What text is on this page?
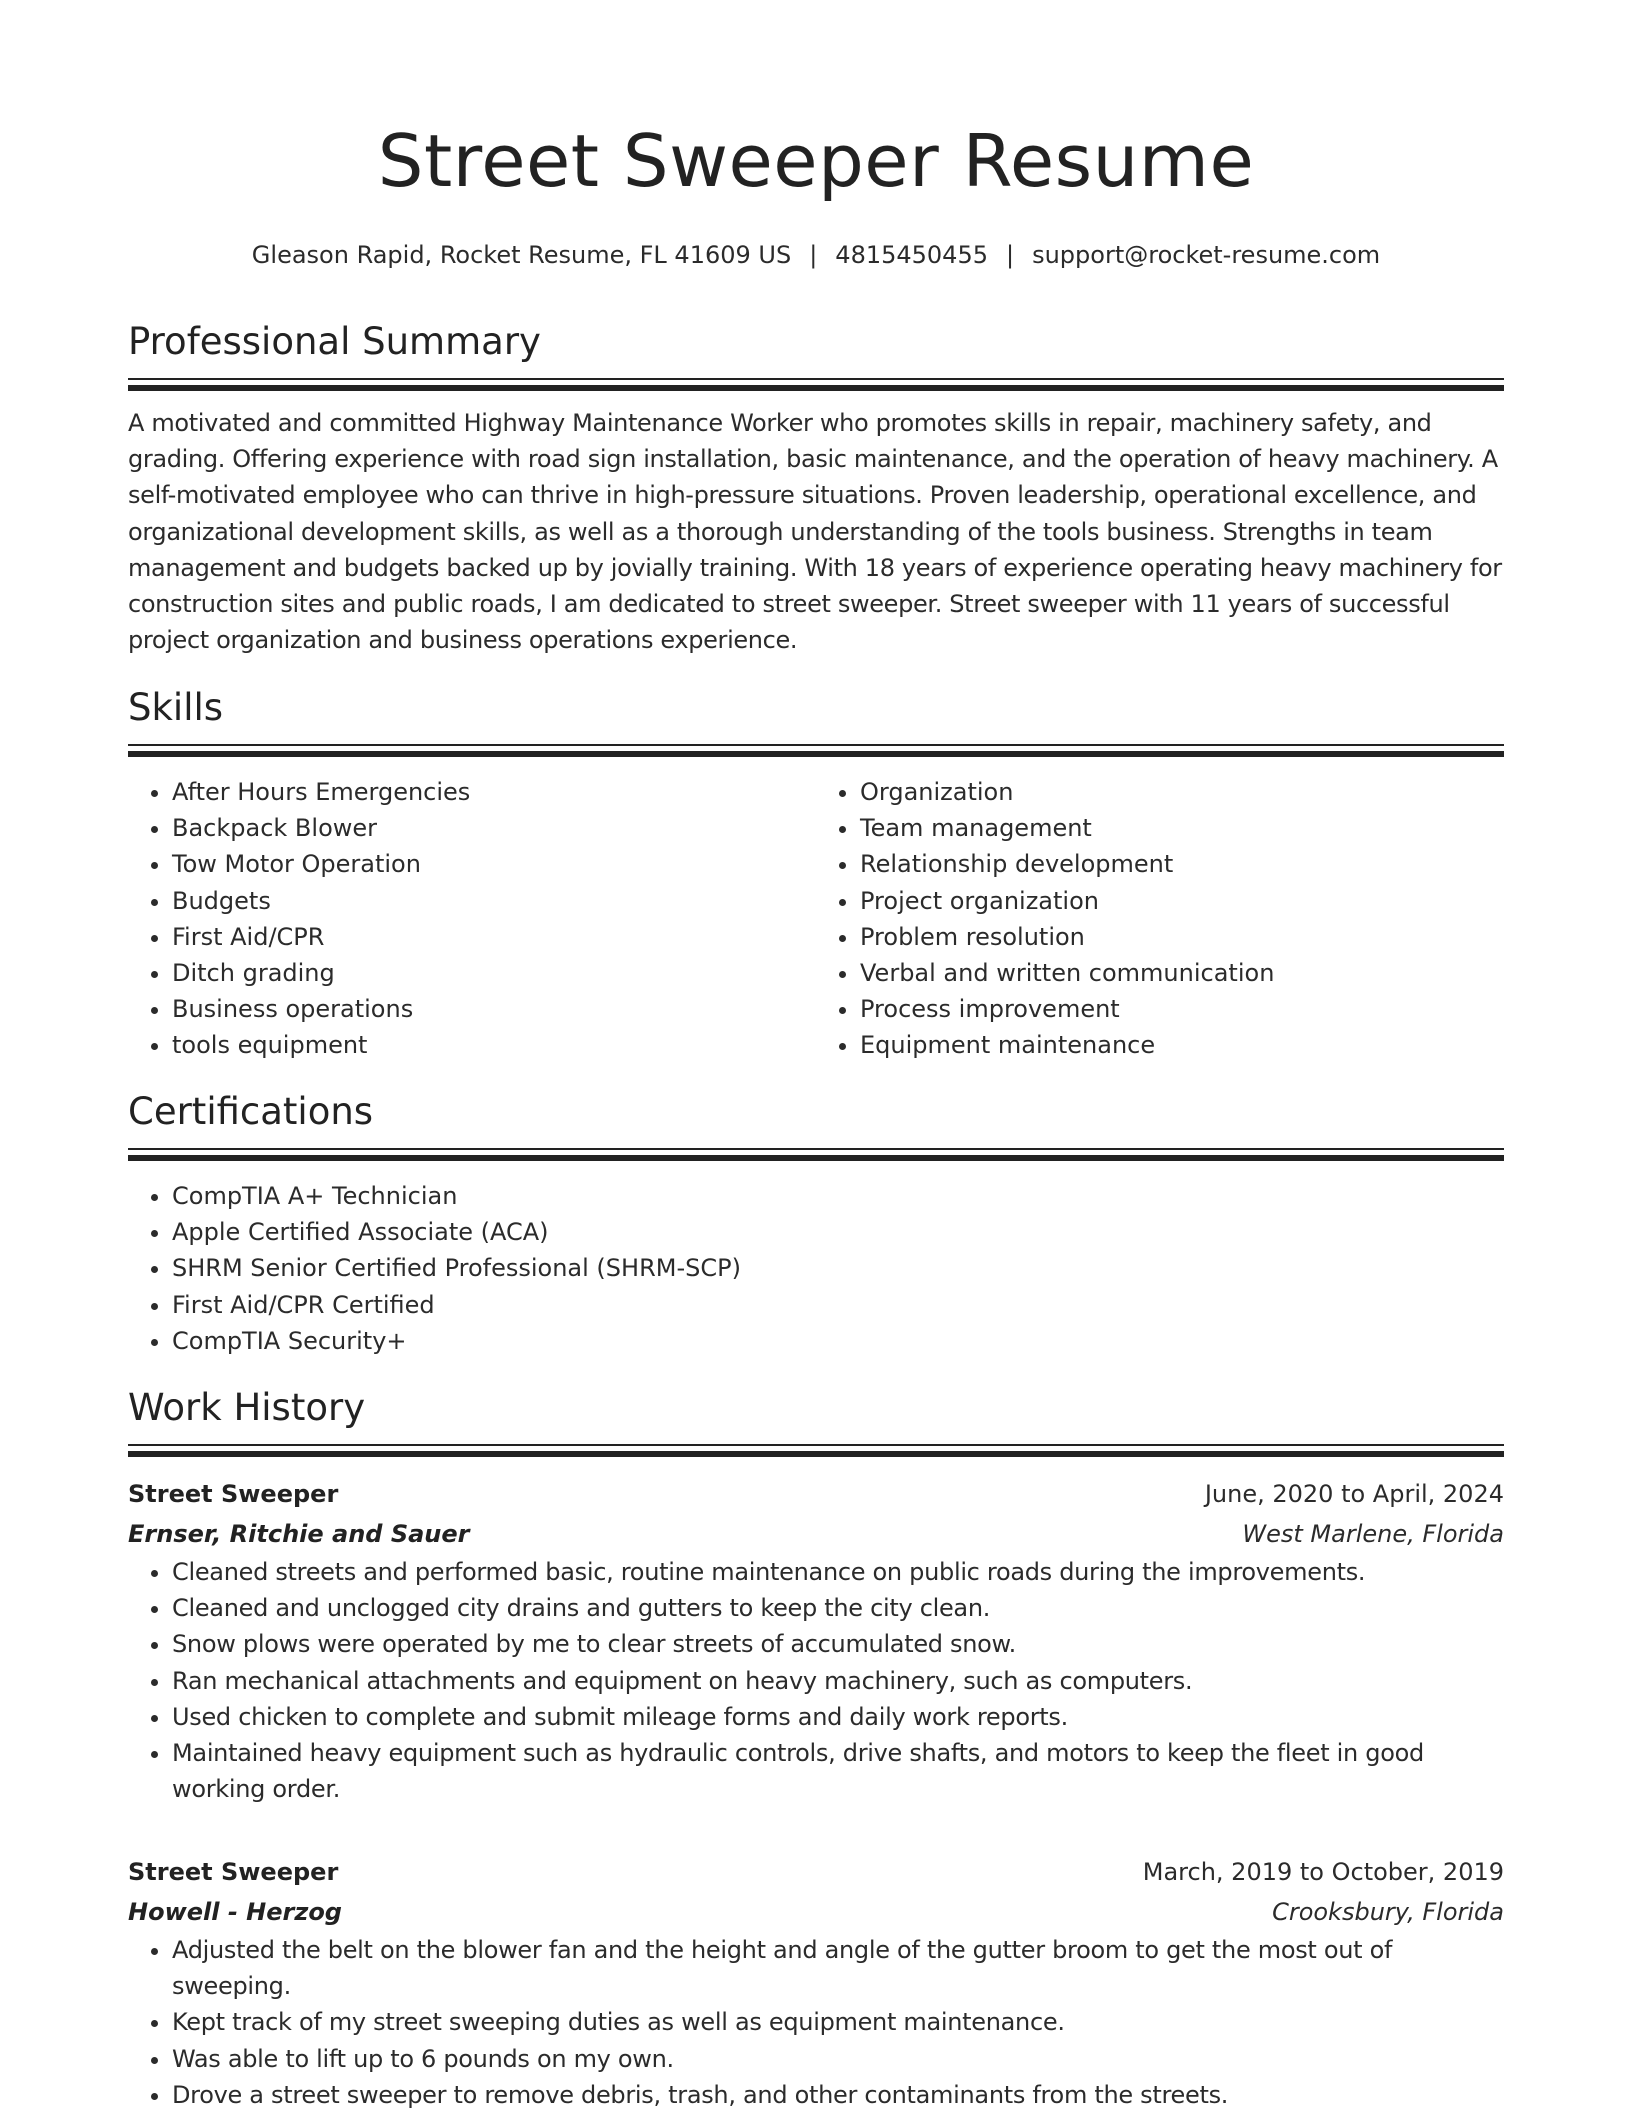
Street Sweeper Resume
Gleason Rapid, Rocket Resume, FL 41609 US | 4815450455 | support@rocket-resume.com
Professional Summary

A motivated and committed Highway Maintenance Worker who promotes skills in repair, machinery safety, and
grading. Offering experience with road sign installation, basic maintenance, and the operation of heavy machinery. A
self-motivated employee who can thrive in high-pressure situations. Proven leadership, operational excellence, and
organizational development skills, as well as a thorough understanding of the tools business. Strengths in team
management and budgets backed up by jovially training. With 18 years of experience operating heavy machinery for
construction sites and public roads, I am dedicated to street sweeper. Street sweeper with 11 years of successful
project organization and business operations experience.

Skills
• After Hours Emergencies
• Backpack Blower
• Tow Motor Operation
• Budgets
• First Aid/CPR
• Ditch grading
• Business operations
• tools equipment
• Organization
• Team management
• Relationship development
• Project organization
• Problem resolution
• Verbal and written communication
• Process improvement
• Equipment maintenance
Certifications
• CompTIA A+ Technician
• Apple Certified Associate (ACA)
• SHRM Senior Certified Professional (SHRM-SCP)
• First Aid/CPR Certified
• CompTIA Security+
Work History
Street Sweeper	June, 2020 to April, 2024
Ernser, Ritchie and Sauer	West Marlene, Florida
• Cleaned streets and performed basic, routine maintenance on public roads during the improvements.
• Cleaned and unclogged city drains and gutters to keep the city clean.
• Snow plows were operated by me to clear streets of accumulated snow.
• Ran mechanical attachments and equipment on heavy machinery, such as computers.
• Used chicken to complete and submit mileage forms and daily work reports.
• Maintained heavy equipment such as hydraulic controls, drive shafts, and motors to keep the fleet in good working order.
Street Sweeper	March, 2019 to October, 2019
Howell - Herzog	Crooksbury, Florida
• Adjusted the belt on the blower fan and the height and angle of the gutter broom to get the most out of sweeping.
• Kept track of my street sweeping duties as well as equipment maintenance.
• Was able to lift up to 6 pounds on my own.
• Drove a street sweeper to remove debris, trash, and other contaminants from the streets.
